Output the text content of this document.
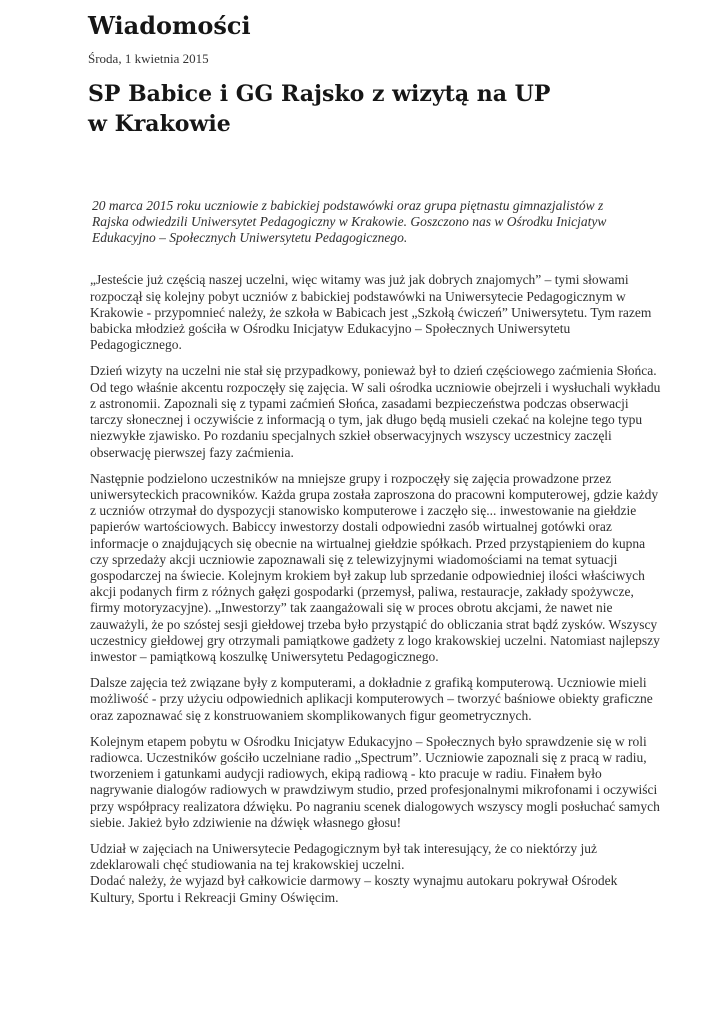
Wiadomości
Środa, 1 kwietnia 2015
SP Babice i GG Rajsko z wizytą na UP w Krakowie

20 marca 2015 roku uczniowie z babickiej podstawówki oraz grupa piętnastu gimnazjalistów z Rajska odwiedzili Uniwersytet Pedagogiczny w Krakowie. Goszczono nas w Ośrodku Inicjatyw Edukacyjno – Społecznych Uniwersytetu Pedagogicznego.

„Jesteście już częścią naszej uczelni, więc witamy was już jak dobrych znajomych” – tymi słowami rozpoczął się kolejny pobyt uczniów z babickiej podstawówki na Uniwersytecie Pedagogicznym w Krakowie - przypomnieć należy, że szkoła w Babicach jest „Szkołą ćwiczeń” Uniwersytetu. Tym razem babicka młodzież gościła w Ośrodku Inicjatyw Edukacyjno – Społecznych Uniwersytetu Pedagogicznego.

Dzień wizyty na uczelni nie stał się przypadkowy, ponieważ był to dzień częściowego zaćmienia Słońca. Od tego właśnie akcentu rozpoczęły się zajęcia. W sali ośrodka uczniowie obejrzeli i wysłuchali wykładu z astronomii. Zapoznali się z typami zaćmień Słońca, zasadami bezpieczeństwa podczas obserwacji tarczy słonecznej i oczywiście z informacją o tym, jak długo będą musieli czekać na kolejne tego typu niezwykłe zjawisko. Po rozdaniu specjalnych szkieł obserwacyjnych wszyscy uczestnicy zaczęli obserwację pierwszej fazy zaćmienia.

Następnie podzielono uczestników na mniejsze grupy i rozpoczęły się zajęcia prowadzone przez uniwersyteckich pracowników. Każda grupa została zaproszona do pracowni komputerowej, gdzie każdy z uczniów otrzymał do dyspozycji stanowisko komputerowe i zaczęło się... inwestowanie na giełdzie papierów wartościowych. Babiccy inwestorzy dostali odpowiedni zasób wirtualnej gotówki oraz informacje o znajdujących się obecnie na wirtualnej giełdzie spółkach. Przed przystąpieniem do kupna czy sprzedaży akcji uczniowie zapoznawali się z telewizyjnymi wiadomościami na temat sytuacji gospodarczej na świecie. Kolejnym krokiem był zakup lub sprzedanie odpowiedniej ilości właściwych akcji podanych firm z różnych gałęzi gospodarki (przemysł, paliwa, restauracje, zakłady spożywcze, firmy motoryzacyjne). „Inwestorzy” tak zaangażowali się w proces obrotu akcjami, że nawet nie zauważyli, że po szóstej sesji giełdowej trzeba było przystąpić do obliczania strat bądź zysków. Wszyscy uczestnicy giełdowej gry otrzymali pamiątkowe gadżety z logo krakowskiej uczelni. Natomiast najlepszy inwestor – pamiątkową koszulkę Uniwersytetu Pedagogicznego.

Dalsze zajęcia też związane były z komputerami, a dokładnie z grafiką komputerową. Uczniowie mieli możliwość - przy użyciu odpowiednich aplikacji komputerowych – tworzyć baśniowe obiekty graficzne oraz zapoznawać się z konstruowaniem skomplikowanych figur geometrycznych.

Kolejnym etapem pobytu w Ośrodku Inicjatyw Edukacyjno – Społecznych było sprawdzenie się w roli radiowca. Uczestników gościło uczelniane radio „Spectrum”. Uczniowie zapoznali się z pracą w radiu, tworzeniem i gatunkami audycji radiowych, ekipą radiową - kto pracuje w radiu. Finałem było nagrywanie dialogów radiowych w prawdziwym studio, przed profesjonalnymi mikrofonami i oczywiści przy współpracy realizatora dźwięku. Po nagraniu scenek dialogowych wszyscy mogli posłuchać samych siebie. Jakież było zdziwienie na dźwięk własnego głosu!

Udział w zajęciach na Uniwersytecie Pedagogicznym był tak interesujący, że co niektórzy już zdeklarowali chęć studiowania na tej krakowskiej uczelni.
Dodać należy, że wyjazd był całkowicie darmowy – koszty wynajmu autokaru pokrywał Ośrodek Kultury, Sportu i Rekreacji Gminy Oświęcim.
